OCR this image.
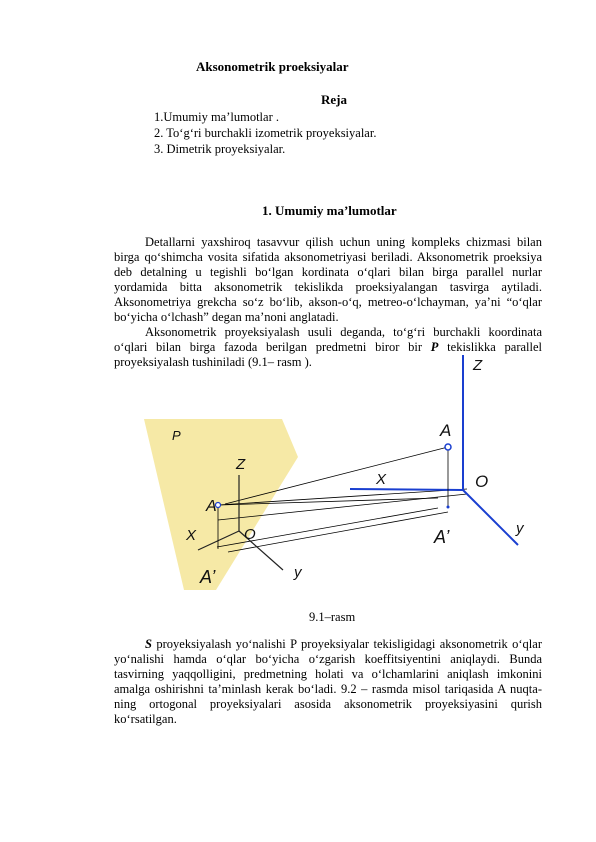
Aksonometrik proeksiyalar
Reja
1.Umumiy ma’lumotlar .
2. To‘g‘ri burchakli izometrik proyeksiyalar.
3. Dimetrik proyeksiyalar.
1. Umumiy ma’lumotlar

Detallarni yaxshiroq tasavvur qilish uchun uning kompleks chizmasi bilan birga qo‘shimcha vosita sifatida aksonometriyasi beriladi. Aksonometrik proeksiya deb detalning u tegishli bo‘lgan kordinata o‘qlari bilan birga parallel nurlar yordamida bitta aksonometrik tekislikda proeksiyalangan tasvirga aytiladi. Aksonometriya grekcha so‘z bo‘lib, akson-o‘q, metreo-o‘lchayman, ya’ni “o‘qlar bo‘yicha o‘lchash” degan ma’noni anglatadi.

Aksonometrik proyeksiyalash usuli deganda, to‘g‘ri burchakli koordinata o‘qlari bilan birga fazoda berilgan predmetni biror bir P tekislikka parallel proyeksiyalash tushiniladi (9.1– rasm ).

P
Z
A
X	O
y
A’
Z
A
X	O
y
A’
9.1–rasm

S proyeksiyalash yo‘nalishi P proyeksiyalar tekisligidagi aksonometrik o‘qlar yo‘nalishi hamda o‘qlar bo‘yicha o‘zgarish koeffitsiyentini aniqlaydi. Bunda tasvirning yaqqolligini, predmetning holati va o‘lchamlarini aniqlash imkonini amalga oshirishni ta’minlash kerak bo‘ladi. 9.2 – rasmda misol tariqasida A nuqta-ning ortogonal proyeksiyalari asosida aksonometrik proyeksiyasini qurish ko‘rsatilgan.
